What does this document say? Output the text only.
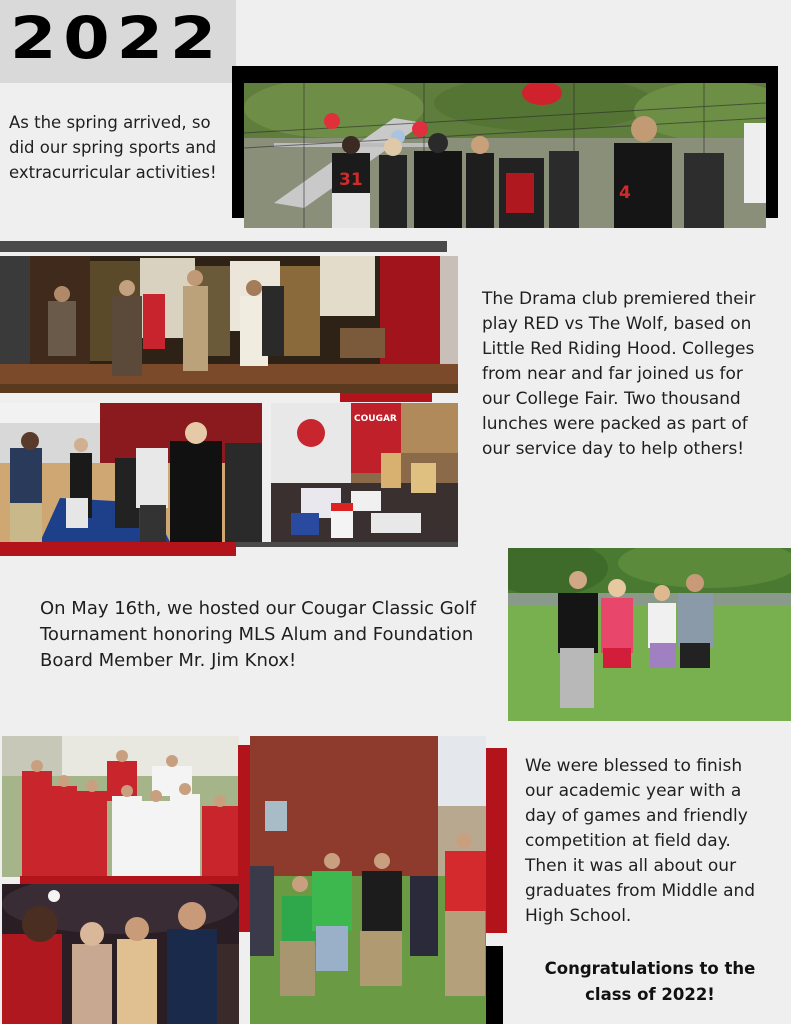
2022
As the spring arrived, so did our spring sports and extracurricular activities!	31
4
COUGAR
The Drama club premiered their play RED vs The Wolf, based on Little Red Riding Hood. Colleges from near and far joined us for our College Fair. Two thousand lunches were packed as part of our service day to help others!
On May 16th, we hosted our Cougar Classic Golf Tournament honoring MLS Alum and Foundation Board Member Mr. Jim Knox!
We were blessed to finish our academic year with a day of games and friendly competition at field day. Then it was all about our graduates from Middle and High School.
Congratulations to the
class of 2022!
